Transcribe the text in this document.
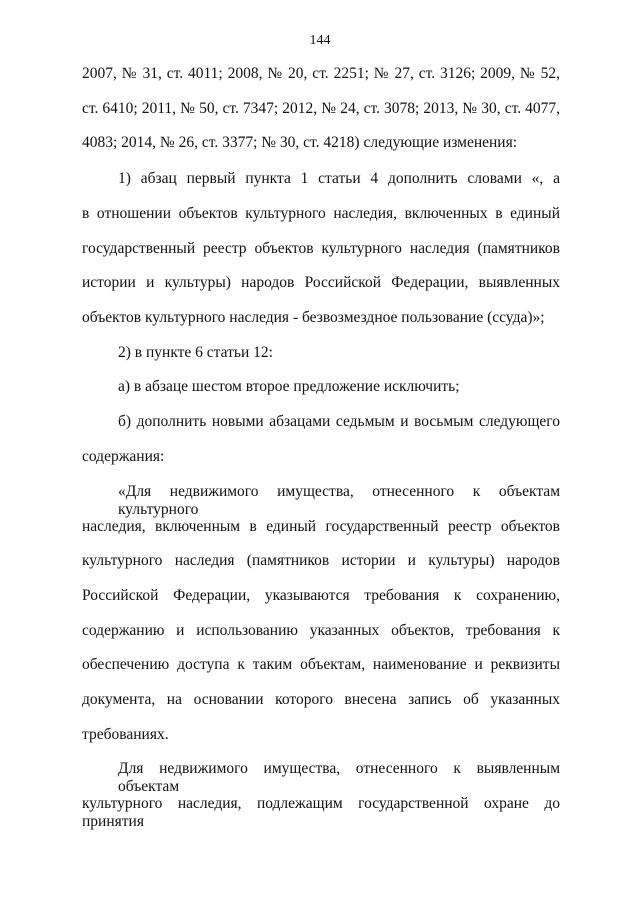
144
2007, № 31, ст. 4011; 2008, № 20, ст. 2251; № 27, ст. 3126; 2009, № 52,
ст. 6410; 2011, № 50, ст. 7347; 2012, № 24, ст. 3078; 2013, № 30, ст. 4077,
4083; 2014, № 26, ст. 3377; № 30, ст. 4218) следующие изменения:
1) абзац первый пункта 1 статьи 4 дополнить словами «, а
в отношении объектов культурного наследия, включенных в единый
государственный реестр объектов культурного наследия (памятников
истории и культуры) народов Российской Федерации, выявленных
объектов культурного наследия - безвозмездное пользование (ссуда)»;
2) в пункте 6 статьи 12:
а) в абзаце шестом второе предложение исключить;
б) дополнить новыми абзацами седьмым и восьмым следующего
содержания:
«Для недвижимого имущества, отнесенного к объектам культурного
наследия, включенным в единый государственный реестр объектов
культурного наследия (памятников истории и культуры) народов
Российской Федерации, указываются требования к сохранению,
содержанию и использованию указанных объектов, требования к
обеспечению доступа к таким объектам, наименование и реквизиты
документа, на основании которого внесена запись об указанных
требованиях.
Для недвижимого имущества, отнесенного к выявленным объектам
культурного наследия, подлежащим государственной охране до принятия
